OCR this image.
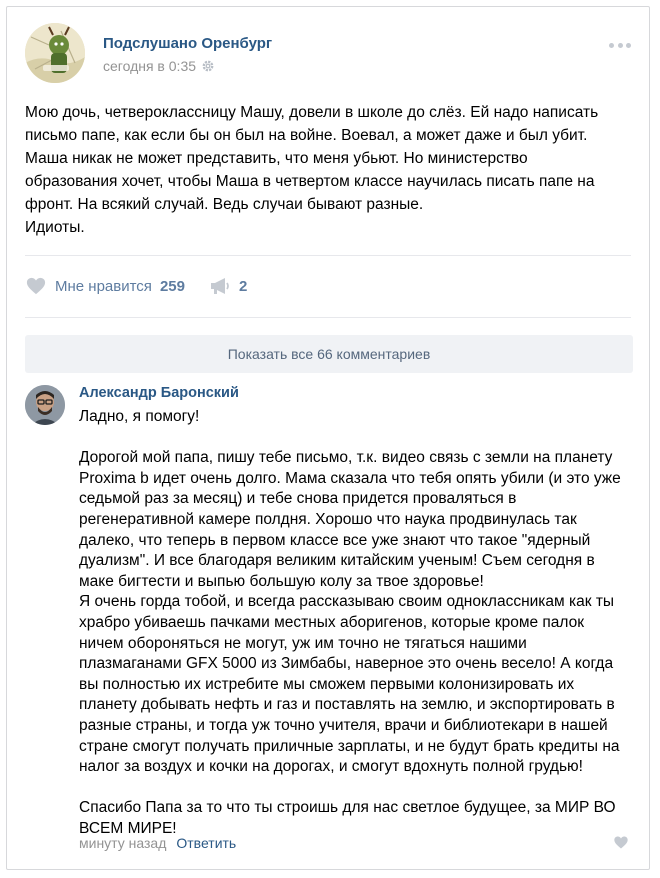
Подслушано Оренбург
сегодня в 0:35

Мою дочь, четвероклассницу Машу, довели в школе до слёз. Ей надо написать

письмо папе, как если бы он был на войне. Воевал, а может даже и был убит.

Маша никак не может представить, что меня убьют. Но министерство

образования хочет, чтобы Маша в четвертом классе научилась писать папе на

фронт. На всякий случай. Ведь случаи бывают разные.

Идиоты.

Мне нравится 259	2
Показать все 66 комментариев
Александр Баронский

Ладно, я помогу!

Дорогой мой папа, пишу тебе письмо, т.к. видео связь с земли на планету

Proxima b идет очень долго. Мама сказала что тебя опять убили (и это уже

седьмой раз за месяц) и тебе снова придется проваляться в

регенеративной камере полдня. Хорошо что наука продвинулась так

далеко, что теперь в первом классе все уже знают что такое "ядерный

дуализм". И все благодаря великим китайским ученым! Съем сегодня в

маке бигтести и выпью большую колу за твое здоровье!

Я очень горда тобой, и всегда рассказываю своим одноклассникам как ты

храбро убиваешь пачками местных аборигенов, которые кроме палок

ничем обороняться не могут, уж им точно не тягаться нашими

плазмаганами GFX 5000 из Зимбабы, наверное это очень весело! А когда

вы полностью их истребите мы сможем первыми колонизировать их

планету добывать нефть и газ и поставлять на землю, и экспортировать в

разные страны, и тогда уж точно учителя, врачи и библиотекари в нашей

стране смогут получать приличные зарплаты, и не будут брать кредиты на

налог за воздух и кочки на дорогах, и смогут вдохнуть полной грудью!

Спасибо Папа за то что ты строишь для нас светлое будущее, за МИР ВО

ВСЕМ МИРЕ!

минуту назад Ответить
